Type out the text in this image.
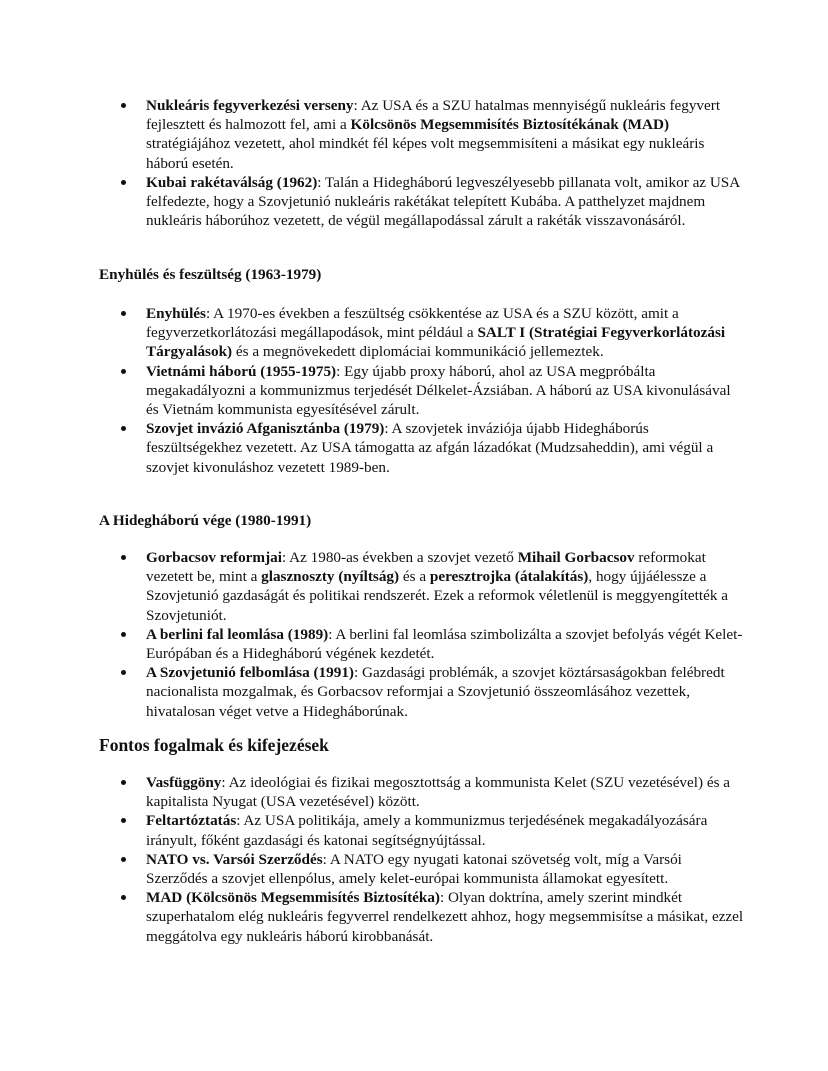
Nukleáris fegyverkezési verseny: Az USA és a SZU hatalmas mennyiségű nukleáris fegyvert fejlesztett és halmozott fel, ami a Kölcsönös Megsemmisítés Biztosítékának (MAD) stratégiájához vezetett, ahol mindkét fél képes volt megsemmisíteni a másikat egy nukleáris háború esetén.
Kubai rakétaválság (1962): Talán a Hidegháború legveszélyesebb pillanata volt, amikor az USA felfedezte, hogy a Szovjetunió nukleáris rakétákat telepített Kubába. A patthelyzet majdnem nukleáris háborúhoz vezetett, de végül megállapodással zárult a rakéták visszavonásáról.
Enyhülés és feszültség (1963-1979)
Enyhülés: A 1970-es években a feszültség csökkentése az USA és a SZU között, amit a fegyverzetkorlátozási megállapodások, mint például a SALT I (Stratégiai Fegyverkorlátozási Tárgyalások) és a megnövekedett diplomáciai kommunikáció jellemeztek.
Vietnámi háború (1955-1975): Egy újabb proxy háború, ahol az USA megpróbálta megakadályozni a kommunizmus terjedését Délkelet-Ázsiában. A háború az USA kivonulásával és Vietnám kommunista egyesítésével zárult.
Szovjet invázió Afganisztánba (1979): A szovjetek inváziója újabb Hidegháborús feszültségekhez vezetett. Az USA támogatta az afgán lázadókat (Mudzsaheddin), ami végül a szovjet kivonuláshoz vezetett 1989-ben.
A Hidegháború vége (1980-1991)
Gorbacsov reformjai: Az 1980-as években a szovjet vezető Mihail Gorbacsov reformokat vezetett be, mint a glasznoszty (nyíltság) és a peresztrojka (átalakítás), hogy újjáélessze a Szovjetunió gazdaságát és politikai rendszerét. Ezek a reformok véletlenül is meggyengítették a Szovjetuniót.
A berlini fal leomlása (1989): A berlini fal leomlása szimbolizálta a szovjet befolyás végét Kelet-Európában és a Hidegháború végének kezdetét.
A Szovjetunió felbomlása (1991): Gazdasági problémák, a szovjet köztársaságokban felébredt nacionalista mozgalmak, és Gorbacsov reformjai a Szovjetunió összeomlásához vezettek, hivatalosan véget vetve a Hidegháborúnak.
Fontos fogalmak és kifejezések
Vasfüggöny: Az ideológiai és fizikai megosztottság a kommunista Kelet (SZU vezetésével) és a kapitalista Nyugat (USA vezetésével) között.
Feltartóztatás: Az USA politikája, amely a kommunizmus terjedésének megakadályozására irányult, főként gazdasági és katonai segítségnyújtással.
NATO vs. Varsói Szerződés: A NATO egy nyugati katonai szövetség volt, míg a Varsói Szerződés a szovjet ellenpólus, amely kelet-európai kommunista államokat egyesített.
MAD (Kölcsönös Megsemmisítés Biztosítéka): Olyan doktrína, amely szerint mindkét szuperhatalom elég nukleáris fegyverrel rendelkezett ahhoz, hogy megsemmisítse a másikat, ezzel meggátolva egy nukleáris háború kirobbanását.
